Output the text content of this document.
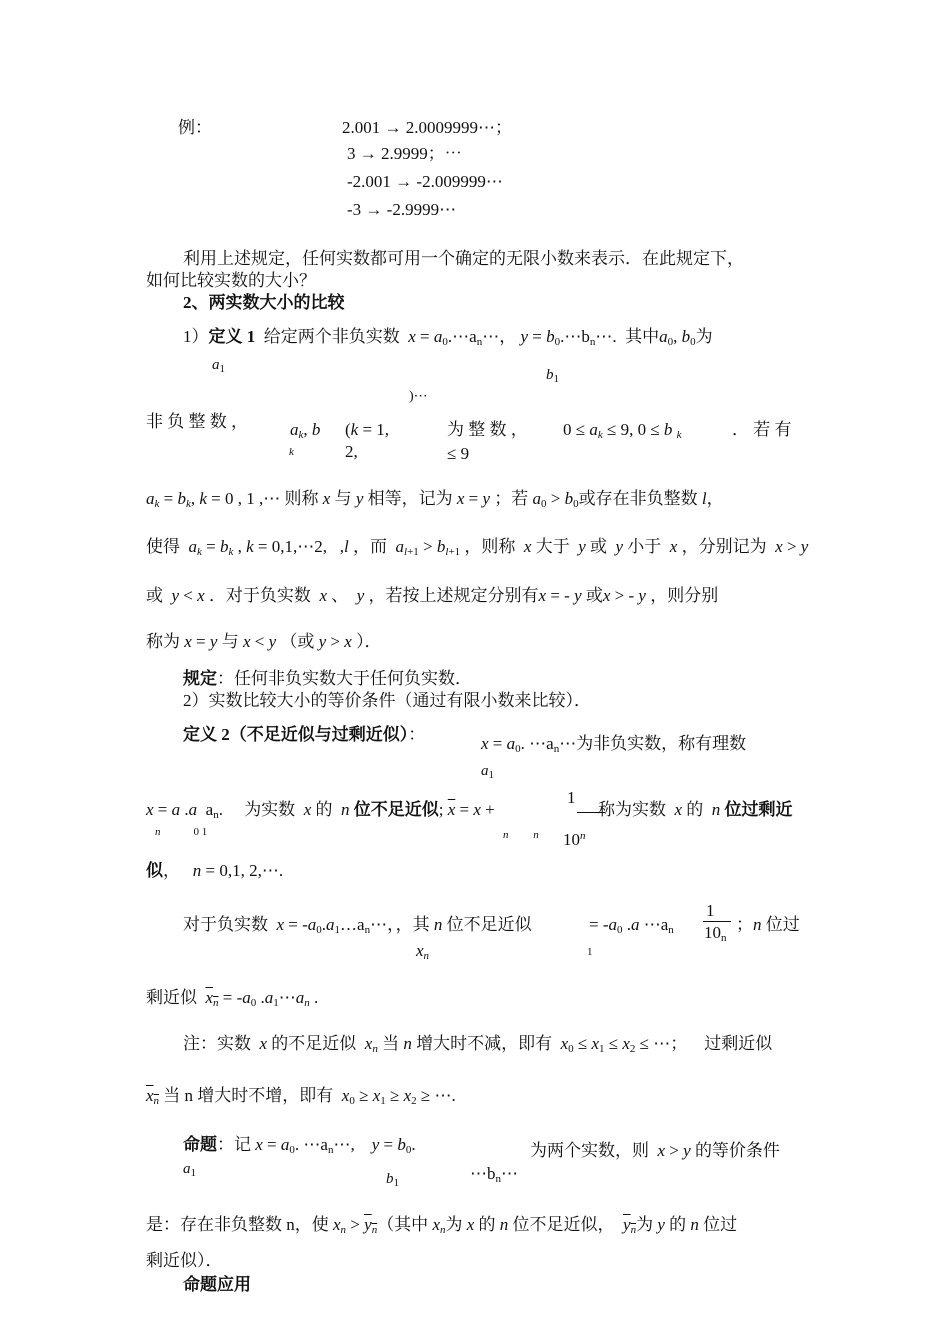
例：	2.001 → 2.0009999⋯；
3 → 2.9999；⋯
-2.001 → -2.009999⋯
-3 → -2.9999⋯
利用上述规定，任何实数都可用一个确定的无限小数来表示．在此规定下，
如何比较实数的大小？
2、两实数大小的比较
1）定义 1 给定两个非负实数 $x = a_0.\cdots a_n\cdots$， $y = b_0.\cdots b_n\cdots$.  其中$a_0$, $b_0$为
$a_1$	$b_1$
)⋯
非 负 整 数 ， $a_k$, b
k
(k = 1,
2,
为 整 数 ，
≤ 9
$0 \le a_k \le 9$, 0 ≤ b $_k$	． 若 有
$a_k = b_k$, k = 0 , 1 ,⋯ 则称 x 与 y 相等，记为 x = y ；若 $a_0 > b_0$或存在非负整数 l，
使得 $a_k = b_k$ , k = 0,1,⋯2,   ,l ，而 $a_{l+1} > b_{l+1}$ ，则称 x 大于 y 或 y 小于 x ，分别记为 x > y
或 y < x ．对于负实数 x 、  y ，若按上述规定分别有x = - y 或x > - y ，则分别
称为 x = y 与 x < y （或 y > x ）．
规定：任何非负实数大于任何负实数．
2）实数比较大小的等价条件（通过有限小数来比较）．
定义 2（不足近似与过剩近似）：	$x = a_0$. $\cdots a_n\cdots$为非负实数，称有理数
$a_1$
x = a .a  $a_n$.     为实数 x 的 n 位不足近似; $\overline{x} = x$ +
n            0 1	n n
1
10$^n$
称为实数 x 的 n 位过剩近
似， n = 0,1, 2,⋯.
对于负实数 $x = -a_0.a_1\dots a_n\cdots$，，其 n 位不足近似
$x_n$
= $-a_0$ .a $\cdots a_n$
1
1
$10_n$
；n 位过
剩近似 $x_n = -a_0$ $.a_1\cdots a_n$ .
注：实数 x 的不足近似 $x_n$ 当 n 增大时不减，即有 $x_0 \le x_1 \le x_2$ ≤ ⋯；    过剩近似
$x_n$ 当 n 增大时不增，即有 $x_0 \ge x_1 \ge x_2$ ≥ ⋯.
命题：记 $x = a_0$. $\cdots a_n\cdots$,    $y = b_0$.	为两个实数，则 x > y 的等价条件
$a_1$	$b_1$	$\cdots b_n\cdots$
是：存在非负整数 n，使 $x_n > y_n$（其中 $x_n$为 x 的 n 位不足近似， $y_n$为 y 的 n 位过
剩近似）．
命题应用
